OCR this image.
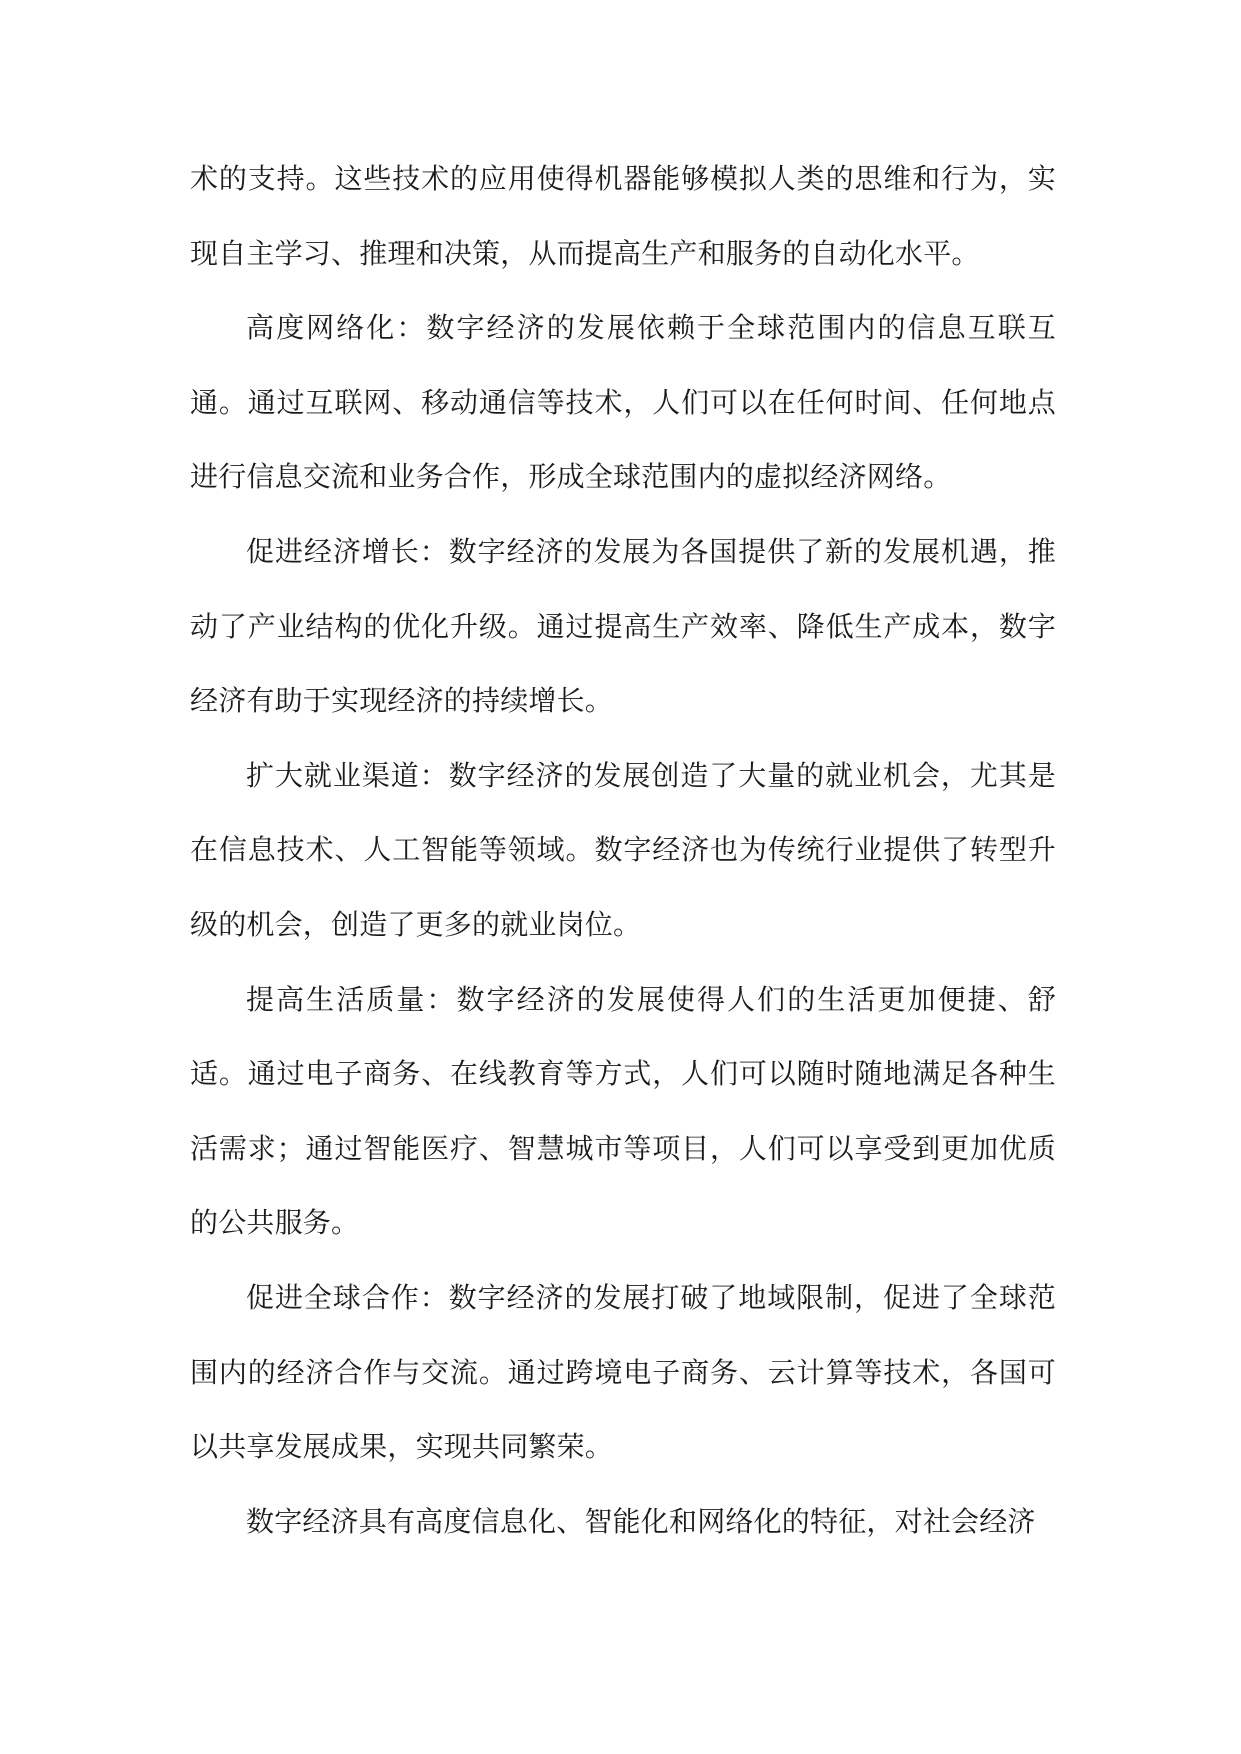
术的支持。这些技术的应用使得机器能够模拟人类的思维和行为，实现自主学习、推理和决策，从而提高生产和服务的自动化水平。

高度网络化：数字经济的发展依赖于全球范围内的信息互联互通。通过互联网、移动通信等技术，人们可以在任何时间、任何地点进行信息交流和业务合作，形成全球范围内的虚拟经济网络。

促进经济增长：数字经济的发展为各国提供了新的发展机遇，推动了产业结构的优化升级。通过提高生产效率、降低生产成本，数字经济有助于实现经济的持续增长。

扩大就业渠道：数字经济的发展创造了大量的就业机会，尤其是在信息技术、人工智能等领域。数字经济也为传统行业提供了转型升级的机会，创造了更多的就业岗位。

提高生活质量：数字经济的发展使得人们的生活更加便捷、舒适。通过电子商务、在线教育等方式，人们可以随时随地满足各种生活需求；通过智能医疗、智慧城市等项目，人们可以享受到更加优质的公共服务。

促进全球合作：数字经济的发展打破了地域限制，促进了全球范围内的经济合作与交流。通过跨境电子商务、云计算等技术，各国可以共享发展成果，实现共同繁荣。

数字经济具有高度信息化、智能化和网络化的特征，对社会经济
